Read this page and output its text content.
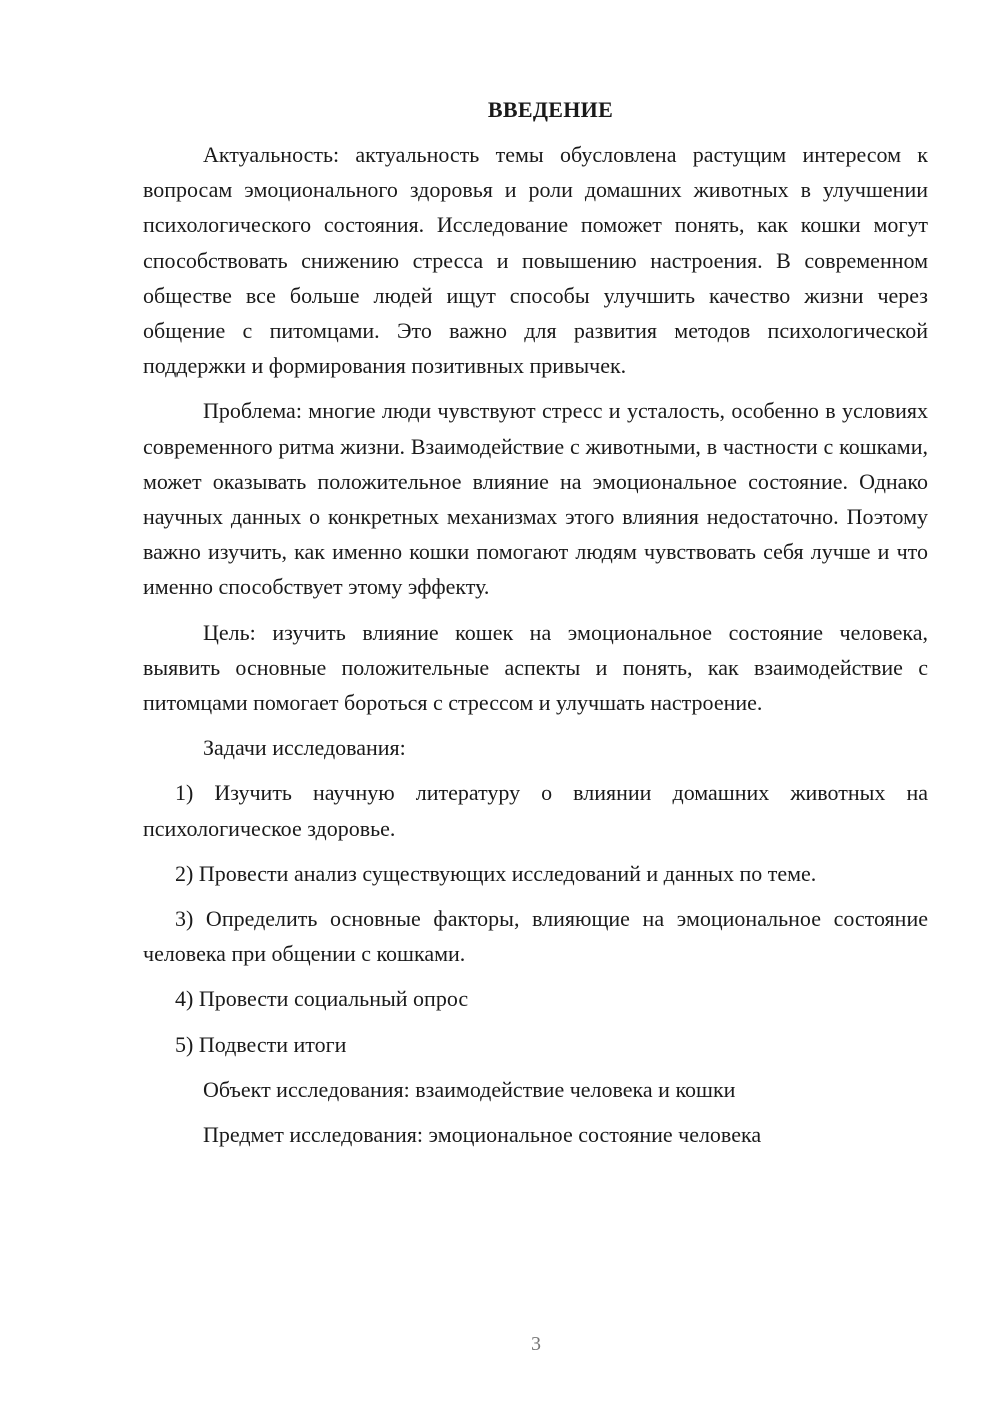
ВВЕДЕНИЕ

Актуальность: актуальность темы обусловлена растущим интересом к вопросам эмоционального здоровья и роли домашних животных в улучшении психологического состояния. Исследование поможет понять, как кошки могут способствовать снижению стресса и повышению настроения. В современном обществе все больше людей ищут способы улучшить качество жизни через общение с питомцами. Это важно для развития методов психологической поддержки и формирования позитивных привычек.

Проблема: многие люди чувствуют стресс и усталость, особенно в условиях современного ритма жизни. Взаимодействие с животными, в частности с кошками, может оказывать положительное влияние на эмоциональное состояние. Однако научных данных о конкретных механизмах этого влияния недостаточно. Поэтому важно изучить, как именно кошки помогают людям чувствовать себя лучше и что именно способствует этому эффекту.

Цель: изучить влияние кошек на эмоциональное состояние человека, выявить основные положительные аспекты и понять, как взаимодействие с питомцами помогает бороться с стрессом и улучшать настроение.

Задачи исследования:

1) Изучить научную литературу о влиянии домашних животных на психологическое здоровье.

2) Провести анализ существующих исследований и данных по теме.

3) Определить основные факторы, влияющие на эмоциональное состояние человека при общении с кошками.

4) Провести социальный опрос

5) Подвести итоги

Объект исследования: взаимодействие человека и кошки

Предмет исследования: эмоциональное состояние человека

3
